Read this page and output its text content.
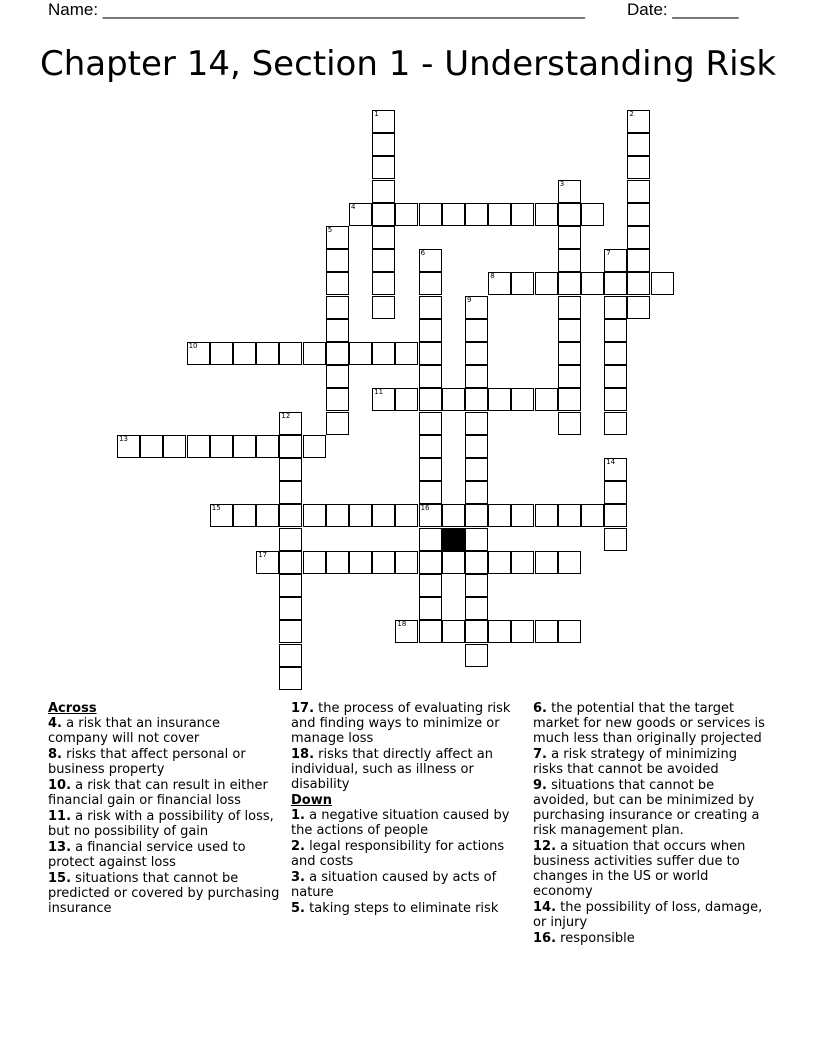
Name: ___________________________________________________ Date: _______
Chapter 14, Section 1 - Understanding Risk
1	2
3
4
5
6
16
7
8
9
10
11
12
13
14
15
17
18
Across
4. a risk that an insurance company will not cover
8. risks that affect personal or business property
10. a risk that can result in either financial gain or financial loss
11. a risk with a possibility of loss, but no possibility of gain
13. a financial service used to protect against loss
15. situations that cannot be predicted or covered by purchasing insurance
17. the process of evaluating risk and finding ways to minimize or manage loss
18. risks that directly affect an individual, such as illness or disability
Down
1. a negative situation caused by the actions of people
2. legal responsibility for actions and costs
3. a situation caused by acts of nature
5. taking steps to eliminate risk
6. the potential that the target market for new goods or services is much less than originally projected
7. a risk strategy of minimizing risks that cannot be avoided
9. situations that cannot be avoided, but can be minimized by purchasing insurance or creating a risk management plan.
12. a situation that occurs when business activities suffer due to changes in the US or world economy
14. the possibility of loss, damage, or injury
16. responsible
